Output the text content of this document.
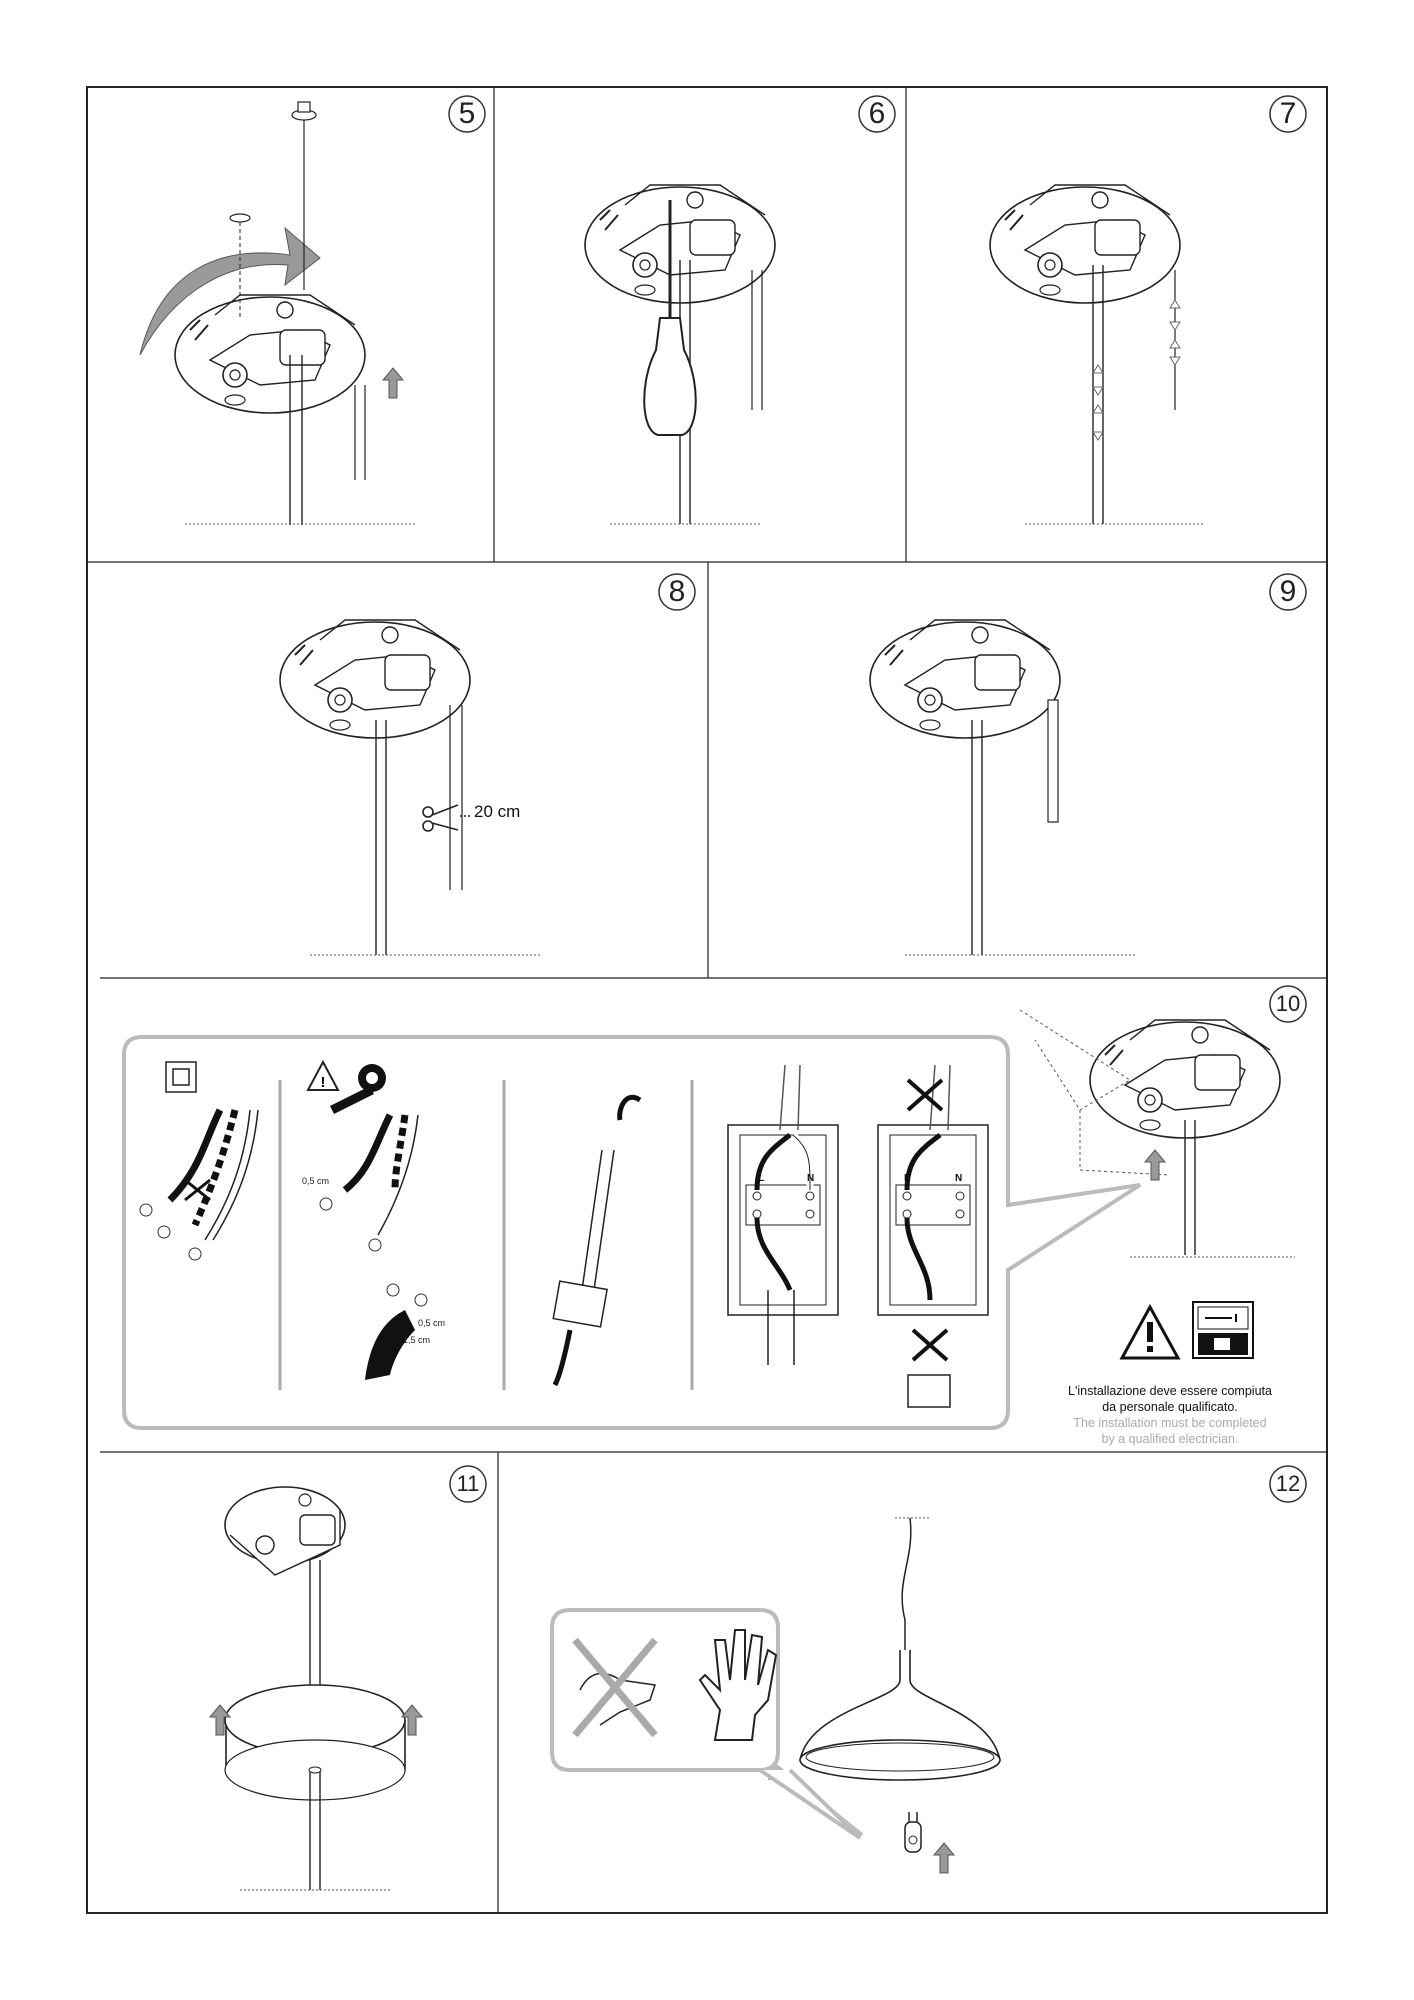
!
5	6	7
8	9
10
11	12
20 cm
0,5 cm
0,5 cm
1,5 cm
L	N	L	N
L'installazione deve essere compiuta
da personale qualificato.
The installation must be completed
by a qualified electrician.
